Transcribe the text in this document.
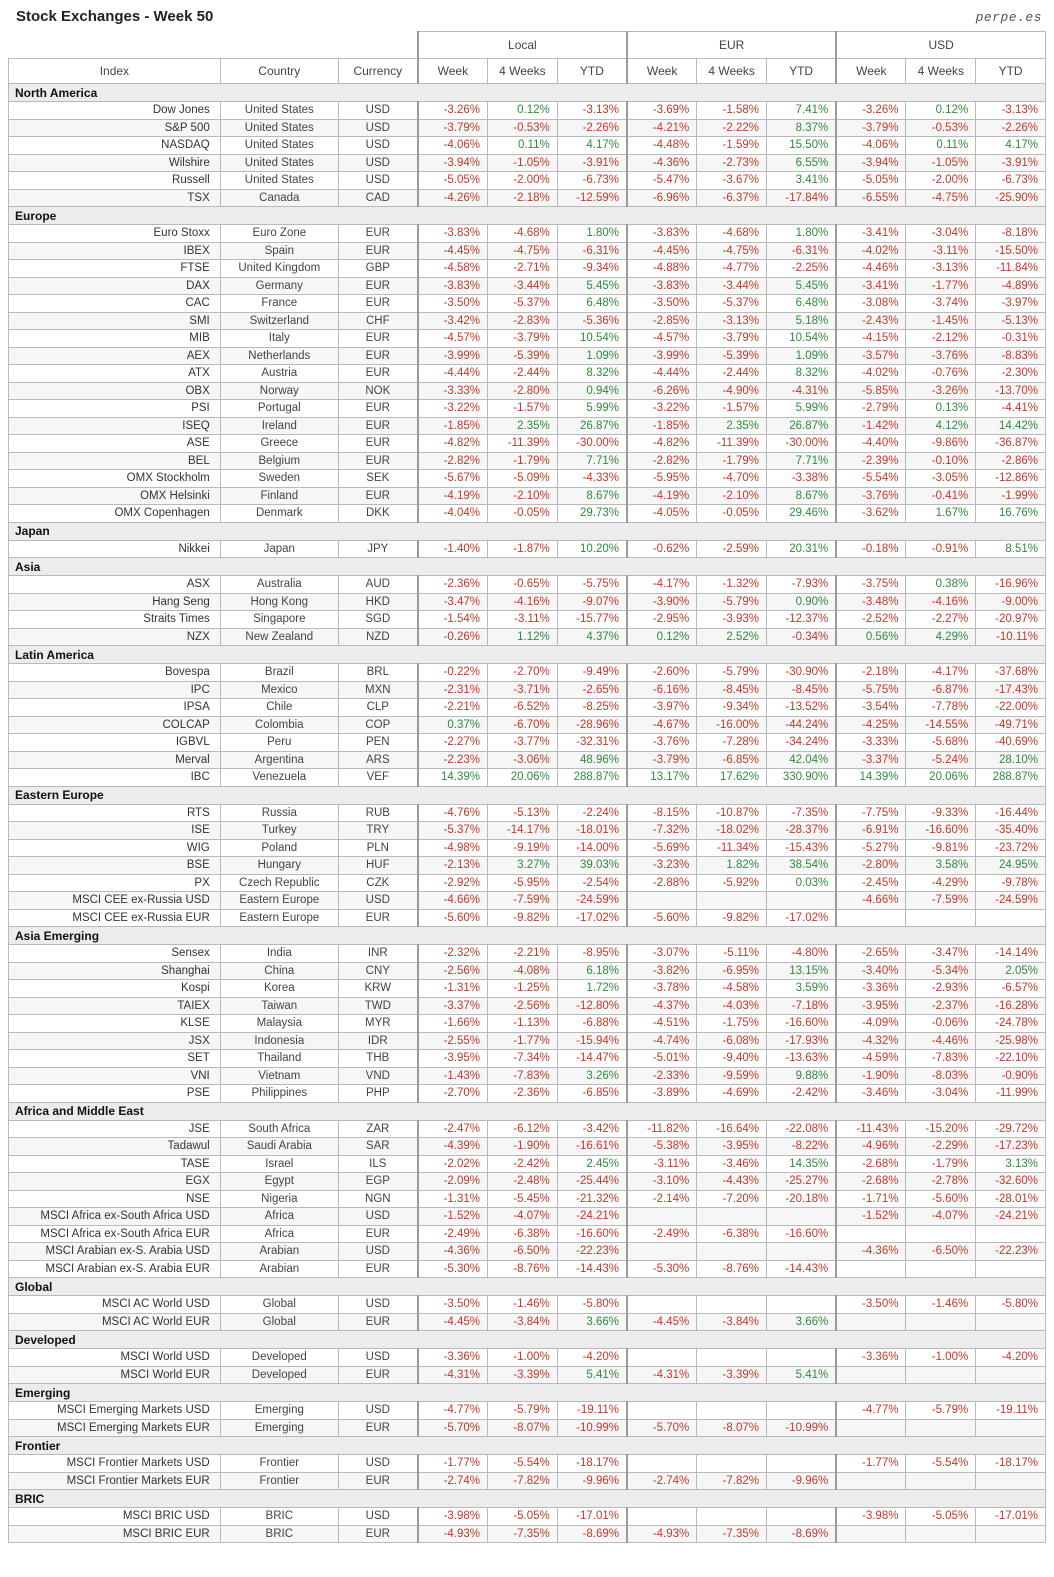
Stock Exchanges - Week 50	perpe.es
			Local			EUR			USD		
Index	Country	Currency	Week	4 Weeks	YTD	Week	4 Weeks	YTD	Week	4 Weeks	YTD
North America											
Dow Jones	United States	USD	-3.26%	0.12%	-3.13%	-3.69%	-1.58%	7.41%	-3.26%	0.12%	-3.13%
S&P 500	United States	USD	-3.79%	-0.53%	-2.26%	-4.21%	-2.22%	8.37%	-3.79%	-0.53%	-2.26%
NASDAQ	United States	USD	-4.06%	0.11%	4.17%	-4.48%	-1.59%	15.50%	-4.06%	0.11%	4.17%
Wilshire	United States	USD	-3.94%	-1.05%	-3.91%	-4.36%	-2.73%	6.55%	-3.94%	-1.05%	-3.91%
Russell	United States	USD	-5.05%	-2.00%	-6.73%	-5.47%	-3.67%	3.41%	-5.05%	-2.00%	-6.73%
TSX	Canada	CAD	-4.26%	-2.18%	-12.59%	-6.96%	-6.37%	-17.84%	-6.55%	-4.75%	-25.90%
Europe											
Euro Stoxx	Euro Zone	EUR	-3.83%	-4.68%	1.80%	-3.83%	-4.68%	1.80%	-3.41%	-3.04%	-8.18%
IBEX	Spain	EUR	-4.45%	-4.75%	-6.31%	-4.45%	-4.75%	-6.31%	-4.02%	-3.11%	-15.50%
FTSE	United Kingdom	GBP	-4.58%	-2.71%	-9.34%	-4.88%	-4.77%	-2.25%	-4.46%	-3.13%	-11.84%
DAX	Germany	EUR	-3.83%	-3.44%	5.45%	-3.83%	-3.44%	5.45%	-3.41%	-1.77%	-4.89%
CAC	France	EUR	-3.50%	-5.37%	6.48%	-3.50%	-5.37%	6.48%	-3.08%	-3.74%	-3.97%
SMI	Switzerland	CHF	-3.42%	-2.83%	-5.36%	-2.85%	-3.13%	5.18%	-2.43%	-1.45%	-5.13%
MIB	Italy	EUR	-4.57%	-3.79%	10.54%	-4.57%	-3.79%	10.54%	-4.15%	-2.12%	-0.31%
AEX	Netherlands	EUR	-3.99%	-5.39%	1.09%	-3.99%	-5.39%	1.09%	-3.57%	-3.76%	-8.83%
ATX	Austria	EUR	-4.44%	-2.44%	8.32%	-4.44%	-2.44%	8.32%	-4.02%	-0.76%	-2.30%
OBX	Norway	NOK	-3.33%	-2.80%	0.94%	-6.26%	-4.90%	-4.31%	-5.85%	-3.26%	-13.70%
PSI	Portugal	EUR	-3.22%	-1.57%	5.99%	-3.22%	-1.57%	5.99%	-2.79%	0.13%	-4.41%
ISEQ	Ireland	EUR	-1.85%	2.35%	26.87%	-1.85%	2.35%	26.87%	-1.42%	4.12%	14.42%
ASE	Greece	EUR	-4.82%	-11.39%	-30.00%	-4.82%	-11.39%	-30.00%	-4.40%	-9.86%	-36.87%
BEL	Belgium	EUR	-2.82%	-1.79%	7.71%	-2.82%	-1.79%	7.71%	-2.39%	-0.10%	-2.86%
OMX Stockholm	Sweden	SEK	-5.67%	-5.09%	-4.33%	-5.95%	-4.70%	-3.38%	-5.54%	-3.05%	-12.86%
OMX Helsinki	Finland	EUR	-4.19%	-2.10%	8.67%	-4.19%	-2.10%	8.67%	-3.76%	-0.41%	-1.99%
OMX Copenhagen	Denmark	DKK	-4.04%	-0.05%	29.73%	-4.05%	-0.05%	29.46%	-3.62%	1.67%	16.76%
Japan											
Nikkei	Japan	JPY	-1.40%	-1.87%	10.20%	-0.62%	-2.59%	20.31%	-0.18%	-0.91%	8.51%
Asia											
ASX	Australia	AUD	-2.36%	-0.65%	-5.75%	-4.17%	-1.32%	-7.93%	-3.75%	0.38%	-16.96%
Hang Seng	Hong Kong	HKD	-3.47%	-4.16%	-9.07%	-3.90%	-5.79%	0.90%	-3.48%	-4.16%	-9.00%
Straits Times	Singapore	SGD	-1.54%	-3.11%	-15.77%	-2.95%	-3.93%	-12.37%	-2.52%	-2.27%	-20.97%
NZX	New Zealand	NZD	-0.26%	1.12%	4.37%	0.12%	2.52%	-0.34%	0.56%	4.29%	-10.11%
Latin America											
Bovespa	Brazil	BRL	-0.22%	-2.70%	-9.49%	-2.60%	-5.79%	-30.90%	-2.18%	-4.17%	-37.68%
IPC	Mexico	MXN	-2.31%	-3.71%	-2.65%	-6.16%	-8.45%	-8.45%	-5.75%	-6.87%	-17.43%
IPSA	Chile	CLP	-2.21%	-6.52%	-8.25%	-3.97%	-9.34%	-13.52%	-3.54%	-7.78%	-22.00%
COLCAP	Colombia	COP	0.37%	-6.70%	-28.96%	-4.67%	-16.00%	-44.24%	-4.25%	-14.55%	-49.71%
IGBVL	Peru	PEN	-2.27%	-3.77%	-32.31%	-3.76%	-7.28%	-34.24%	-3.33%	-5.68%	-40.69%
Merval	Argentina	ARS	-2.23%	-3.06%	48.96%	-3.79%	-6.85%	42.04%	-3.37%	-5.24%	28.10%
IBC	Venezuela	VEF	14.39%	20.06%	288.87%	13.17%	17.62%	330.90%	14.39%	20.06%	288.87%
Eastern Europe											
RTS	Russia	RUB	-4.76%	-5.13%	-2.24%	-8.15%	-10.87%	-7.35%	-7.75%	-9.33%	-16.44%
ISE	Turkey	TRY	-5.37%	-14.17%	-18.01%	-7.32%	-18.02%	-28.37%	-6.91%	-16.60%	-35.40%
WIG	Poland	PLN	-4.98%	-9.19%	-14.00%	-5.69%	-11.34%	-15.43%	-5.27%	-9.81%	-23.72%
BSE	Hungary	HUF	-2.13%	3.27%	39.03%	-3.23%	1.82%	38.54%	-2.80%	3.58%	24.95%
PX	Czech Republic	CZK	-2.92%	-5.95%	-2.54%	-2.88%	-5.92%	0.03%	-2.45%	-4.29%	-9.78%
MSCI CEE ex-Russia USD	Eastern Europe	USD	-4.66%	-7.59%	-24.59%				-4.66%	-7.59%	-24.59%
MSCI CEE ex-Russia EUR	Eastern Europe	EUR	-5.60%	-9.82%	-17.02%	-5.60%	-9.82%	-17.02%			
Asia Emerging											
Sensex	India	INR	-2.32%	-2.21%	-8.95%	-3.07%	-5.11%	-4.80%	-2.65%	-3.47%	-14.14%
Shanghai	China	CNY	-2.56%	-4.08%	6.18%	-3.82%	-6.95%	13.15%	-3.40%	-5.34%	2.05%
Kospi	Korea	KRW	-1.31%	-1.25%	1.72%	-3.78%	-4.58%	3.59%	-3.36%	-2.93%	-6.57%
TAIEX	Taiwan	TWD	-3.37%	-2.56%	-12.80%	-4.37%	-4.03%	-7.18%	-3.95%	-2.37%	-16.28%
KLSE	Malaysia	MYR	-1.66%	-1.13%	-6.88%	-4.51%	-1.75%	-16.60%	-4.09%	-0.06%	-24.78%
JSX	Indonesia	IDR	-2.55%	-1.77%	-15.94%	-4.74%	-6.08%	-17.93%	-4.32%	-4.46%	-25.98%
SET	Thailand	THB	-3.95%	-7.34%	-14.47%	-5.01%	-9.40%	-13.63%	-4.59%	-7.83%	-22.10%
VNI	Vietnam	VND	-1.43%	-7.83%	3.26%	-2.33%	-9.59%	9.88%	-1.90%	-8.03%	-0.90%
PSE	Philippines	PHP	-2.70%	-2.36%	-6.85%	-3.89%	-4.69%	-2.42%	-3.46%	-3.04%	-11.99%
Africa and Middle East											
JSE	South Africa	ZAR	-2.47%	-6.12%	-3.42%	-11.82%	-16.64%	-22.08%	-11.43%	-15.20%	-29.72%
Tadawul	Saudi Arabia	SAR	-4.39%	-1.90%	-16.61%	-5.38%	-3.95%	-8.22%	-4.96%	-2.29%	-17.23%
TASE	Israel	ILS	-2.02%	-2.42%	2.45%	-3.11%	-3.46%	14.35%	-2.68%	-1.79%	3.13%
EGX	Egypt	EGP	-2.09%	-2.48%	-25.44%	-3.10%	-4.43%	-25.27%	-2.68%	-2.78%	-32.60%
NSE	Nigeria	NGN	-1.31%	-5.45%	-21.32%	-2.14%	-7.20%	-20.18%	-1.71%	-5.60%	-28.01%
MSCI Africa ex-South Africa USD	Africa	USD	-1.52%	-4.07%	-24.21%				-1.52%	-4.07%	-24.21%
MSCI Africa ex-South Africa EUR	Africa	EUR	-2.49%	-6.38%	-16.60%	-2.49%	-6.38%	-16.60%			
MSCI Arabian ex-S. Arabia USD	Arabian	USD	-4.36%	-6.50%	-22.23%				-4.36%	-6.50%	-22.23%
MSCI Arabian ex-S. Arabia EUR	Arabian	EUR	-5.30%	-8.76%	-14.43%	-5.30%	-8.76%	-14.43%			
Global											
MSCI AC World USD	Global	USD	-3.50%	-1.46%	-5.80%				-3.50%	-1.46%	-5.80%
MSCI AC World EUR	Global	EUR	-4.45%	-3.84%	3.66%	-4.45%	-3.84%	3.66%			
Developed											
MSCI World USD	Developed	USD	-3.36%	-1.00%	-4.20%				-3.36%	-1.00%	-4.20%
MSCI World EUR	Developed	EUR	-4.31%	-3.39%	5.41%	-4.31%	-3.39%	5.41%			
Emerging											
MSCI Emerging Markets USD	Emerging	USD	-4.77%	-5.79%	-19.11%				-4.77%	-5.79%	-19.11%
MSCI Emerging Markets EUR	Emerging	EUR	-5.70%	-8.07%	-10.99%	-5.70%	-8.07%	-10.99%			
Frontier											
MSCI Frontier Markets USD	Frontier	USD	-1.77%	-5.54%	-18.17%				-1.77%	-5.54%	-18.17%
MSCI Frontier Markets EUR	Frontier	EUR	-2.74%	-7.82%	-9.96%	-2.74%	-7.82%	-9.96%			
BRIC											
MSCI BRIC USD	BRIC	USD	-3.98%	-5.05%	-17.01%				-3.98%	-5.05%	-17.01%
MSCI BRIC EUR	BRIC	EUR	-4.93%	-7.35%	-8.69%	-4.93%	-7.35%	-8.69%			
